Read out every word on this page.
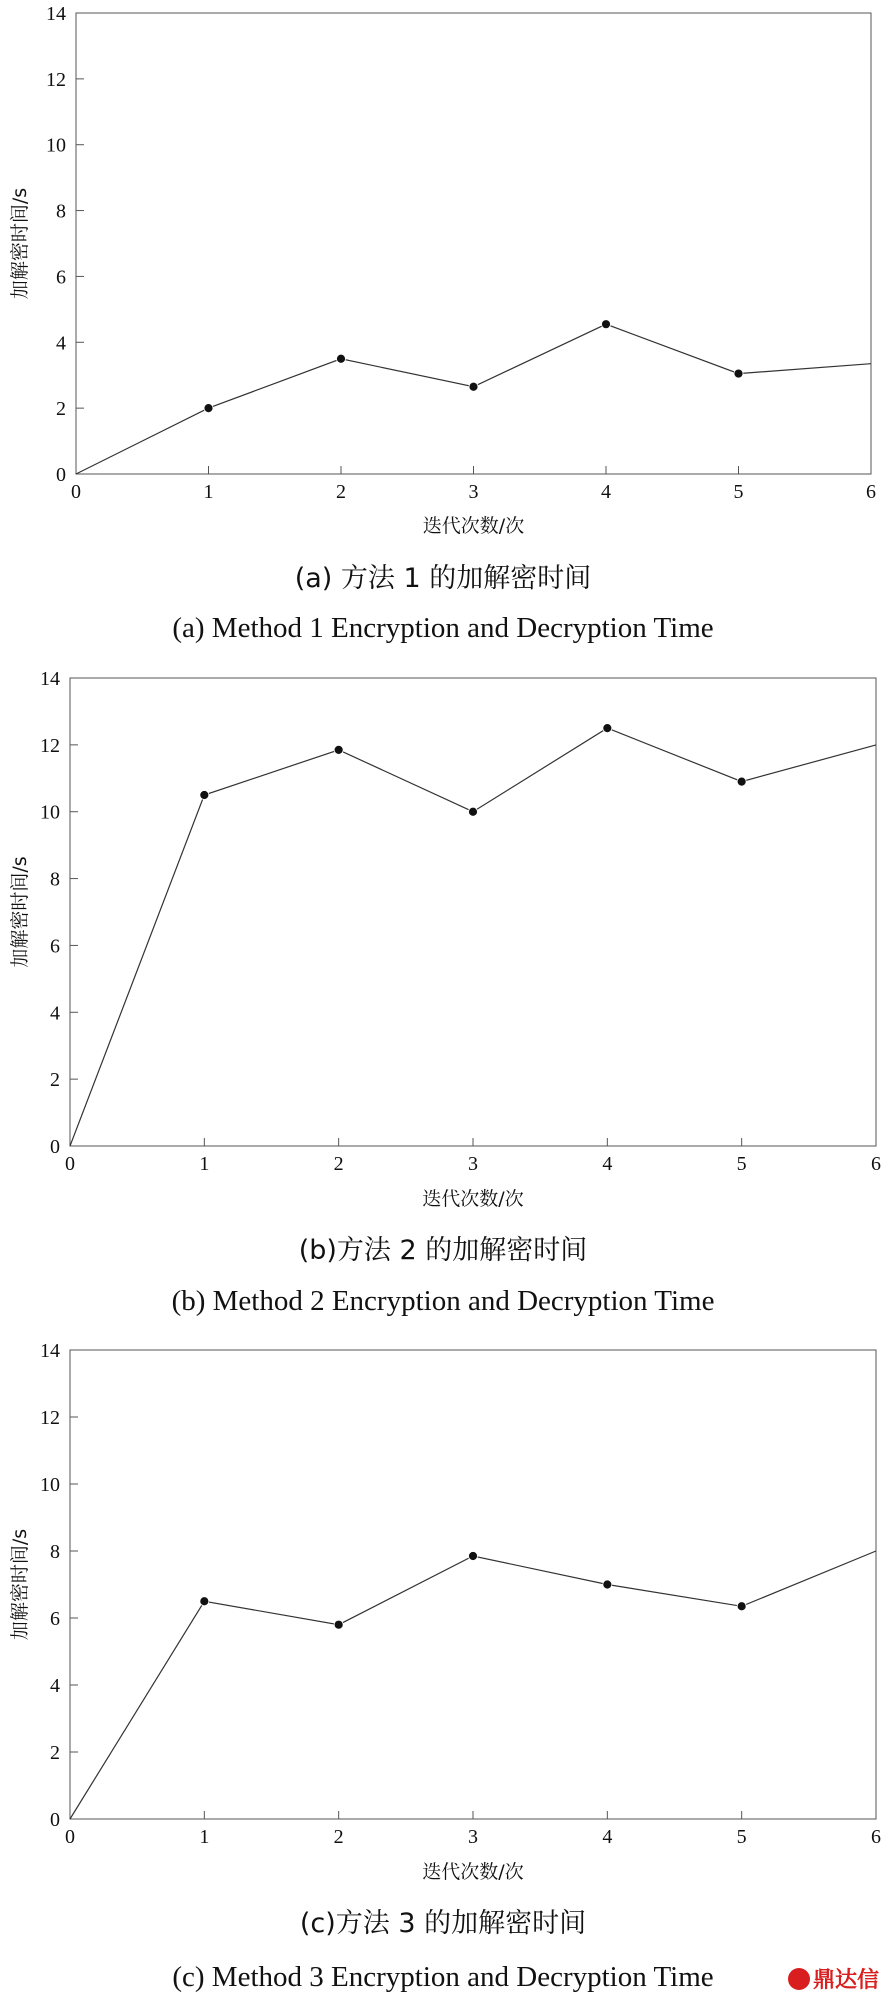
0
2
4
6
8
10
12
14
0	1	2	3	4	5	6
迭代次数/次
加解密时间/s
(a) 方法 1 的加解密时间
(a) Method 1 Encryption and Decryption Time
0
2
4
6
8
10
12
14
0	1	2	3	4	5	6
迭代次数/次
加解密时间/s
(b)方法 2 的加解密时间
(b) Method 2 Encryption and Decryption Time
0
2
4
6
8
10
12
14
0	1	2	3	4	5	6
迭代次数/次
加解密时间/s
(c)方法 3 的加解密时间
(c) Method 3 Encryption and Decryption Time	鼎达信
